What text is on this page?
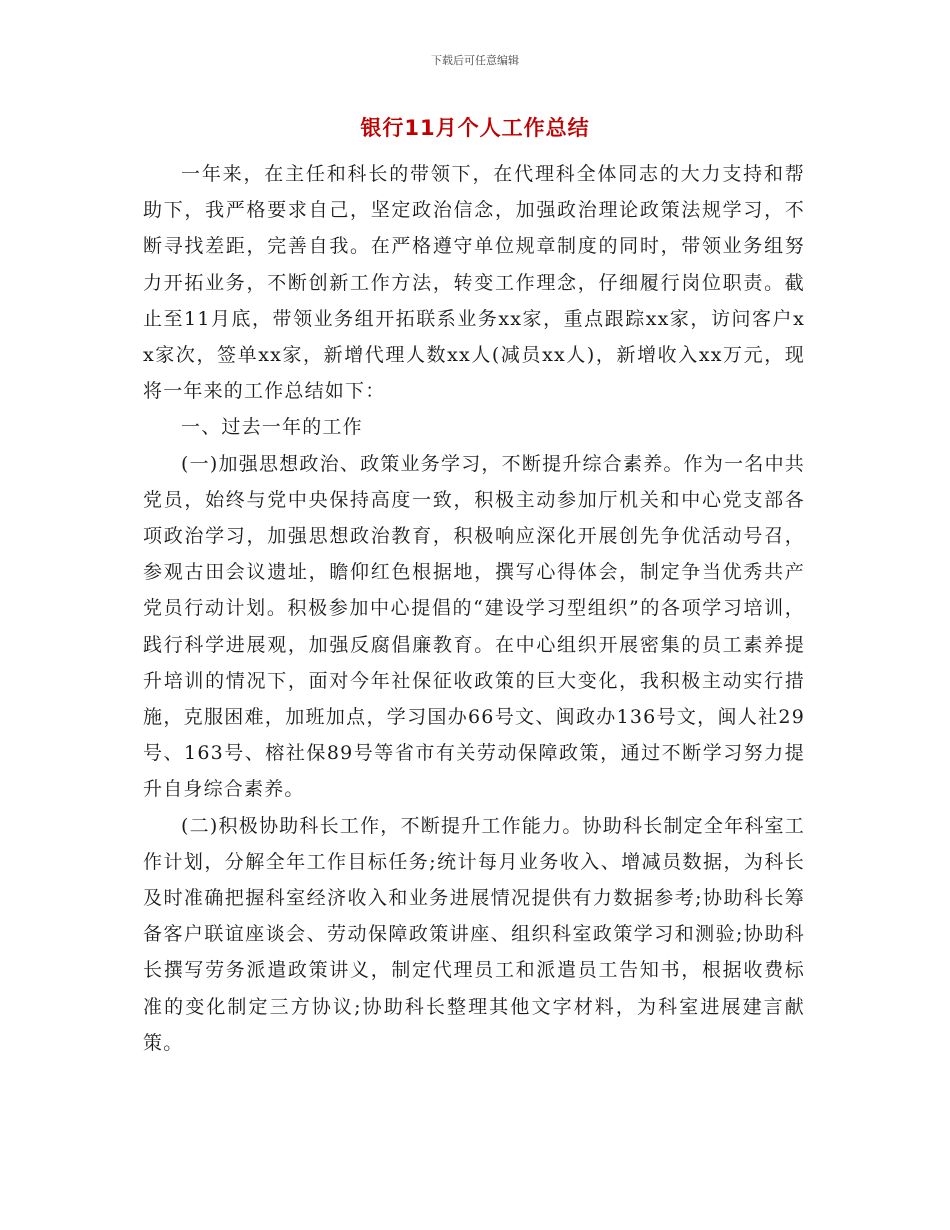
下载后可任意编辑
银行11月个人工作总结

一年来，在主任和科长的带领下，在代理科全体同志的大力支持和帮助下，我严格要求自己，坚定政治信念，加强政治理论政策法规学习，不断寻找差距，完善自我。在严格遵守单位规章制度的同时，带领业务组努力开拓业务，不断创新工作方法，转变工作理念，仔细履行岗位职责。截止至11月底，带领业务组开拓联系业务xx家，重点跟踪xx家，访问客户xx家次，签单xx家，新增代理人数xx人(减员xx人)，新增收入xx万元，现将一年来的工作总结如下：

一、过去一年的工作

(一)加强思想政治、政策业务学习，不断提升综合素养。作为一名中共党员，始终与党中央保持高度一致，积极主动参加厅机关和中心党支部各项政治学习，加强思想政治教育，积极响应深化开展创先争优活动号召，参观古田会议遗址，瞻仰红色根据地，撰写心得体会，制定争当优秀共产党员行动计划。积极参加中心提倡的“建设学习型组织”的各项学习培训，践行科学进展观，加强反腐倡廉教育。在中心组织开展密集的员工素养提升培训的情况下，面对今年社保征收政策的巨大变化，我积极主动实行措施，克服困难，加班加点，学习国办66号文、闽政办136号文，闽人社29号、163号、榕社保89号等省市有关劳动保障政策，通过不断学习努力提升自身综合素养。

(二)积极协助科长工作，不断提升工作能力。协助科长制定全年科室工作计划，分解全年工作目标任务;统计每月业务收入、增减员数据，为科长及时准确把握科室经济收入和业务进展情况提供有力数据参考;协助科长筹备客户联谊座谈会、劳动保障政策讲座、组织科室政策学习和测验;协助科长撰写劳务派遣政策讲义，制定代理员工和派遣员工告知书，根据收费标准的变化制定三方协议;协助科长整理其他文字材料，为科室进展建言献策。
